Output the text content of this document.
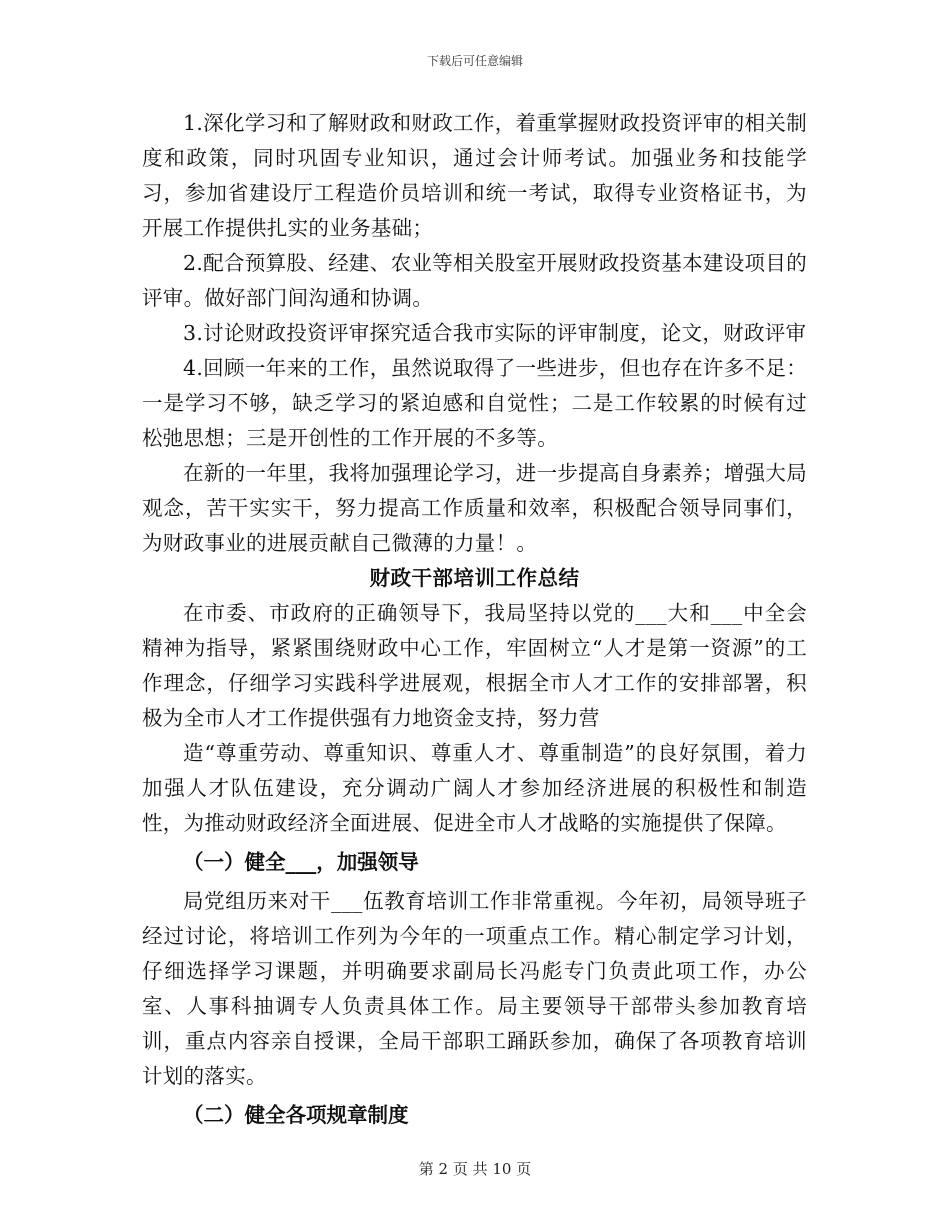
下载后可任意编辑

1.深化学习和了解财政和财政工作，着重掌握财政投资评审的相关制度和政策，同时巩固专业知识，通过会计师考试。加强业务和技能学习，参加省建设厅工程造价员培训和统一考试，取得专业资格证书，为开展工作提供扎实的业务基础；

2.配合预算股、经建、农业等相关股室开展财政投资基本建设项目的评审。做好部门间沟通和协调。

3.讨论财政投资评审探究适合我市实际的评审制度，论文，财政评审

4.回顾一年来的工作，虽然说取得了一些进步，但也存在许多不足：一是学习不够，缺乏学习的紧迫感和自觉性；二是工作较累的时候有过松弛思想；三是开创性的工作开展的不多等。

在新的一年里，我将加强理论学习，进一步提高自身素养；增强大局观念，苦干实实干，努力提高工作质量和效率，积极配合领导同事们，为财政事业的进展贡献自己微薄的力量！。

财政干部培训工作总结

在市委、市政府的正确领导下，我局坚持以党的___大和___中全会精神为指导，紧紧围绕财政中心工作，牢固树立“人才是第一资源”的工作理念，仔细学习实践科学进展观，根据全市人才工作的安排部署，积极为全市人才工作提供强有力地资金支持，努力营

造“尊重劳动、尊重知识、尊重人才、尊重制造”的良好氛围，着力加强人才队伍建设，充分调动广阔人才参加经济进展的积极性和制造性，为推动财政经济全面进展、促进全市人才战略的实施提供了保障。

（一）健全___，加强领导

局党组历来对干___伍教育培训工作非常重视。今年初，局领导班子经过讨论，将培训工作列为今年的一项重点工作。精心制定学习计划，仔细选择学习课题，并明确要求副局长冯彪专门负责此项工作，办公室、人事科抽调专人负责具体工作。局主要领导干部带头参加教育培训，重点内容亲自授课，全局干部职工踊跃参加，确保了各项教育培训计划的落实。

（二）健全各项规章制度

第 2 页 共 10 页
